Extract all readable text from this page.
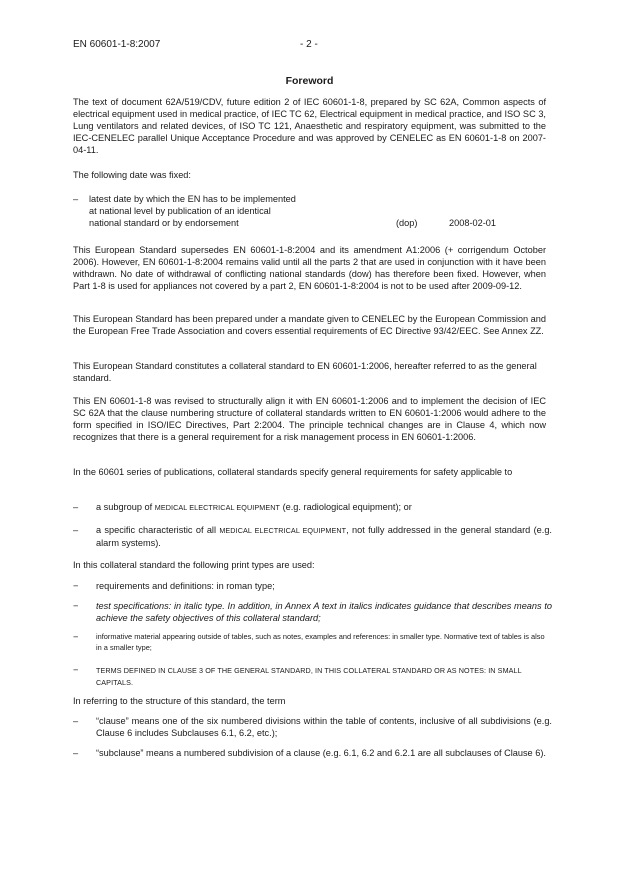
EN 60601-1-8:2007	- 2 -
Foreword

The text of document 62A/519/CDV, future edition 2 of IEC 60601-1-8, prepared by SC 62A, Common aspects of electrical equipment used in medical practice, of IEC TC 62, Electrical equipment in medical practice, and ISO SC 3, Lung ventilators and related devices, of ISO TC 121, Anaesthetic and respiratory equipment, was submitted to the IEC-CENELEC parallel Unique Acceptance Procedure and was approved by CENELEC as EN 60601-1-8 on 2007-04-11.

The following date was fixed:

– latest date by which the EN has to be implemented
at national level by publication of an identical
national standard or by endorsement	(dop)	2008-02-01

This European Standard supersedes EN 60601-1-8:2004 and its amendment A1:2006 (+ corrigendum October 2006). However, EN 60601-1-8:2004 remains valid until all the parts 2 that are used in conjunction with it have been withdrawn. No date of withdrawal of conflicting national standards (dow) has therefore been fixed. However, when Part 1-8 is used for appliances not covered by a part 2, EN 60601-1-8:2004 is not to be used after 2009-09-12.

This European Standard has been prepared under a mandate given to CENELEC by the European Commission and the European Free Trade Association and covers essential requirements of EC Directive 93/42/EEC. See Annex ZZ.

This European Standard constitutes a collateral standard to EN 60601-1:2006, hereafter referred to as the general standard.

This EN 60601-1-8 was revised to structurally align it with EN 60601-1:2006 and to implement the decision of IEC SC 62A that the clause numbering structure of collateral standards written to EN 60601-1:2006 would adhere to the form specified in ISO/IEC Directives, Part 2:2004. The principle technical changes are in Clause 4, which now recognizes that there is a general requirement for a risk management process in EN 60601-1:2006.

In the 60601 series of publications, collateral standards specify general requirements for safety applicable to

– a subgroup of MEDICAL ELECTRICAL EQUIPMENT (e.g. radiological equipment); or
– a specific characteristic of all MEDICAL ELECTRICAL EQUIPMENT, not fully addressed in the general standard (e.g. alarm systems).

In this collateral standard the following print types are used:

− requirements and definitions: in roman type;
− test specifications: in italic type. In addition, in Annex A text in italics indicates guidance that describes means to achieve the safety objectives of this collateral standard;
− informative material appearing outside of tables, such as notes, examples and references: in smaller type. Normative text of tables is also in a smaller type;
− TERMS DEFINED IN CLAUSE 3 OF THE GENERAL STANDARD, IN THIS COLLATERAL STANDARD OR AS NOTES: IN SMALL CAPITALS.

In referring to the structure of this standard, the term

– “clause” means one of the six numbered divisions within the table of contents, inclusive of all subdivisions (e.g. Clause 6 includes Subclauses 6.1, 6.2, etc.);
– “subclause” means a numbered subdivision of a clause (e.g. 6.1, 6.2 and 6.2.1 are all subclauses of Clause 6).
